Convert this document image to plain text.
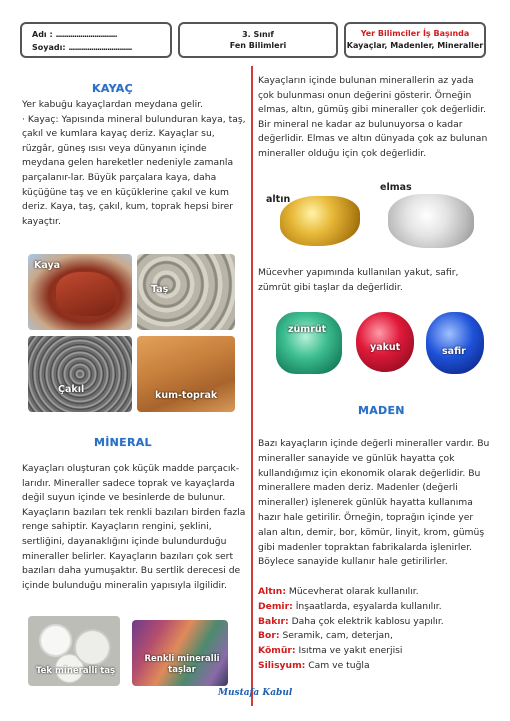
Adı : ..............................
Soyadı: ...............................
3. Sınıf
Fen Bilimleri
Yer Bilimciler İş Başında
Kayaçlar, Madenler, Mineraller
KAYAÇ
Yer kabuğu kayaçlardan meydana gelir.
· Kayaç: Yapısında mineral bulunduran kaya, taş, çakıl ve kumlara kayaç deriz. Kayaçlar su, rüzgâr, güneş ısısı veya dünyanın içinde meydana gelen hareketler nedeniyle zamanla parçalanır-lar. Büyük parçalara kaya, daha küçüğüne taş ve en küçüklerine çakıl ve kum deriz. Kaya, taş, çakıl, kum, toprak hepsi birer kayaçtır.
Kaya
Taş
Çakıl
kum-toprak
MİNERAL
Kayaçları oluşturan çok küçük madde parçacık-larıdır. Mineraller sadece toprak ve kayaçlarda değil suyun içinde ve besinlerde de bulunur.
Kayaçların bazıları tek renkli bazıları birden fazla renge sahiptir. Kayaçların rengini, şeklini, sertliğini, dayanaklığını içinde bulundurduğu mineraller belirler. Kayaçların bazıları çok sert bazıları daha yumuşaktır. Bu sertlik derecesi de içinde bulunduğu mineralin yapısıyla ilgilidir.
Tek mineralli taş
Renkli mineralli taşlar
Kayaçların içinde bulunan minerallerin az yada çok bulunması onun değerini gösterir. Örneğin elmas, altın, gümüş gibi mineraller çok değerlidir. Bir mineral ne kadar az bulunuyorsa o kadar değerlidir. Elmas ve altın dünyada çok az bulunan mineraller olduğu için çok değerlidir.
altın
elmas
Mücevher yapımında kullanılan yakut, safir, zümrüt gibi taşlar da değerlidir.
zümrüt
yakut	safir
MADEN
Bazı kayaçların içinde değerli mineraller vardır. Bu mineraller sanayide ve günlük hayatta çok kullandığımız için ekonomik olarak değerlidir. Bu minerallere maden deriz. Madenler (değerli mineraller) işlenerek günlük hayatta kullanıma hazır hale getirilir. Örneğin, toprağın içinde yer alan altın, demir, bor, kömür, linyit, krom, gümüş gibi madenler topraktan fabrikalarda işlenirler. Böylece sanayide kullanır hale getirilirler.
Altın: Mücevherat olarak kullanılır.
Demir: İnşaatlarda, eşyalarda kullanılır.
Bakır: Daha çok elektrik kablosu yapılır.
Bor: Seramik, cam, deterjan,
Kömür: Isıtma ve yakıt enerjisi
Silisyum: Cam ve tuğla
Mustafa Kabul
